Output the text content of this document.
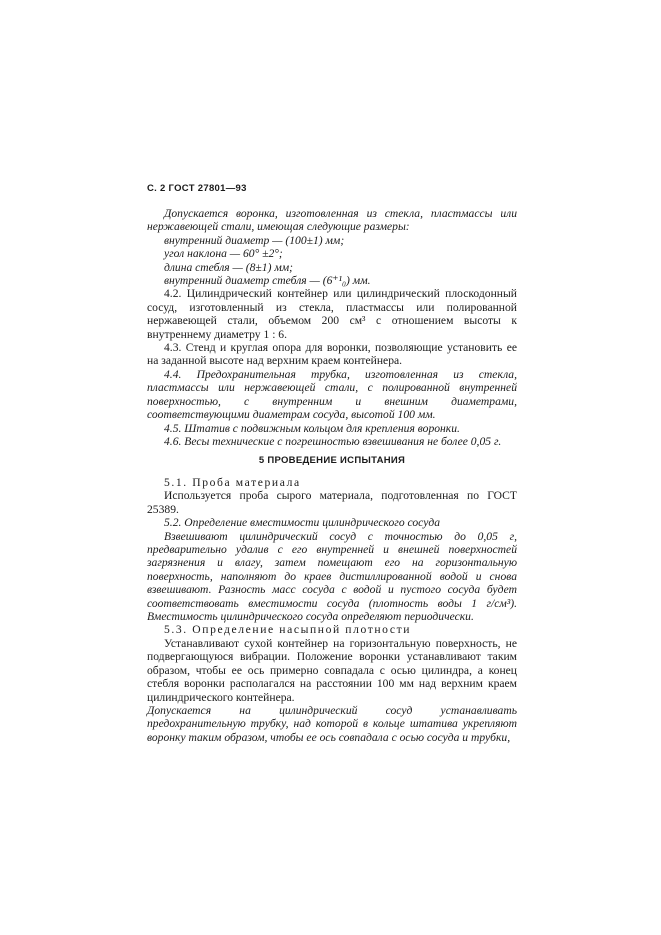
С. 2 ГОСТ 27801—93

Допускается воронка, изготовленная из стекла, пластмассы или нержавеющей стали, имеющая следующие размеры:

внутренний диаметр — (100±1) мм;

угол наклона — 60° ±2°;

длина стебля — (8±1) мм;

внутренний диаметр стебля — (6⁺¹₀) мм.

4.2. Цилиндрический контейнер или цилиндрический плоскодонный сосуд, изготовленный из стекла, пластмассы или полированной нержавеющей стали, объемом 200 см³ с отношением высоты к внутреннему диаметру 1 : 6.

4.3. Стенд и круглая опора для воронки, позволяющие установить ее на заданной высоте над верхним краем контейнера.

4.4. Предохранительная трубка, изготовленная из стекла, пластмассы или нержавеющей стали, с полированной внутренней поверхностью, с внутренним и внешним диаметрами, соответствующими диаметрам сосуда, высотой 100 мм.

4.5. Штатив с подвижным кольцом для крепления воронки.

4.6. Весы технические с погрешностью взвешивания не более 0,05 г.

5 ПРОВЕДЕНИЕ ИСПЫТАНИЯ

5.1. Проба материала

Используется проба сырого материала, подготовленная по ГОСТ 25389.

5.2. Определение вместимости цилиндрического сосуда

Взвешивают цилиндрический сосуд с точностью до 0,05 г, предварительно удалив с его внутренней и внешней поверхностей загрязнения и влагу, затем помещают его на горизонтальную поверхность, наполняют до краев дистиллированной водой и снова взвешивают. Разность масс сосуда с водой и пустого сосуда будет соответствовать вместимости сосуда (плотность воды 1 г/см³). Вместимость цилиндрического сосуда определяют периодически.

5.3. Определение насыпной плотности

Устанавливают сухой контейнер на горизонтальную поверхность, не подвергающуюся вибрации. Положение воронки устанавливают таким образом, чтобы ее ось примерно совпадала с осью цилиндра, а конец стебля воронки располагался на расстоянии 100 мм над верхним краем цилиндрического контейнера.

Допускается на цилиндрический сосуд устанавливать предохранительную трубку, над которой в кольце штатива укрепляют воронку таким образом, чтобы ее ось совпадала с осью сосуда и трубки,
